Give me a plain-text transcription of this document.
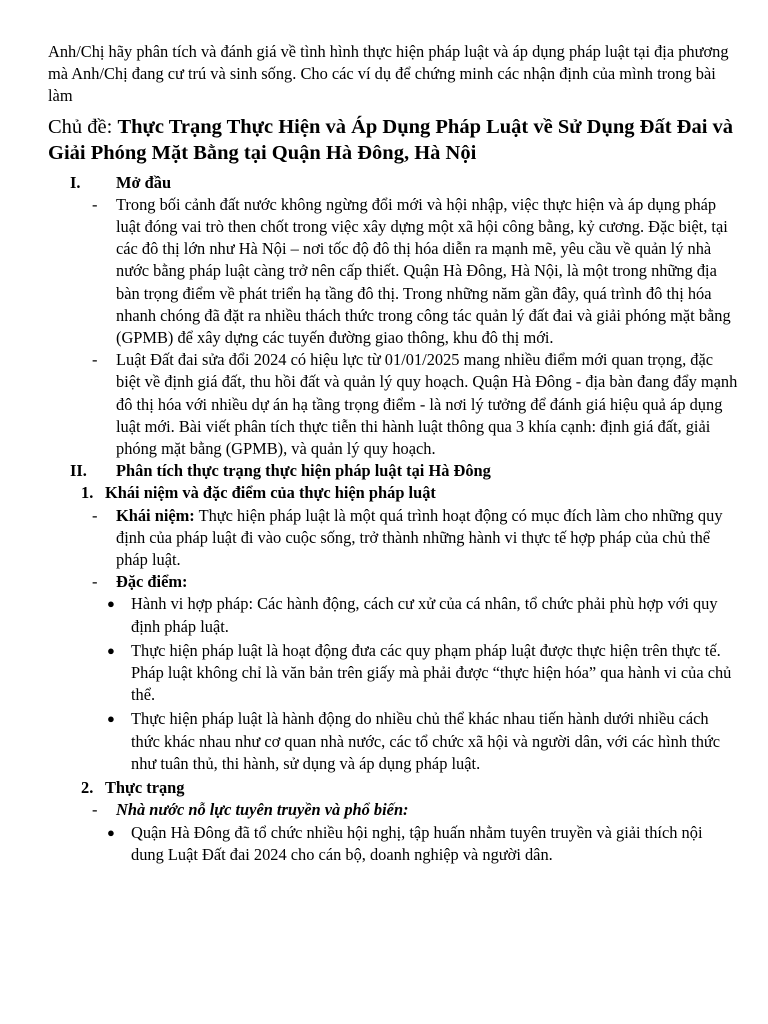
Anh/Chị hãy phân tích và đánh giá về tình hình thực hiện pháp luật và áp dụng pháp luật tại địa phương mà Anh/Chị đang cư trú và sinh sống. Cho các ví dụ để chứng minh các nhận định của mình trong bài làm

Chủ đề: Thực Trạng Thực Hiện và Áp Dụng Pháp Luật về Sử Dụng Đất Đai và Giải Phóng Mặt Bằng tại Quận Hà Đông, Hà Nội

I. Mở đầu

- Trong bối cảnh đất nước không ngừng đổi mới và hội nhập, việc thực hiện và áp dụng pháp luật đóng vai trò then chốt trong việc xây dựng một xã hội công bằng, kỷ cương. Đặc biệt, tại các đô thị lớn như Hà Nội – nơi tốc độ đô thị hóa diễn ra mạnh mẽ, yêu cầu về quản lý nhà nước bằng pháp luật càng trở nên cấp thiết. Quận Hà Đông, Hà Nội, là một trong những địa bàn trọng điểm về phát triển hạ tầng đô thị. Trong những năm gần đây, quá trình đô thị hóa nhanh chóng đã đặt ra nhiều thách thức trong công tác quản lý đất đai và giải phóng mặt bằng (GPMB) để xây dựng các tuyến đường giao thông, khu đô thị mới.

- Luật Đất đai sửa đổi 2024 có hiệu lực từ 01/01/2025 mang nhiều điểm mới quan trọng, đặc biệt về định giá đất, thu hồi đất và quản lý quy hoạch. Quận Hà Đông - địa bàn đang đẩy mạnh đô thị hóa với nhiều dự án hạ tầng trọng điểm - là nơi lý tưởng để đánh giá hiệu quả áp dụng luật mới. Bài viết phân tích thực tiễn thi hành luật thông qua 3 khía cạnh: định giá đất, giải phóng mặt bằng (GPMB), và quản lý quy hoạch.

II. Phân tích thực trạng thực hiện pháp luật tại Hà Đông

1. Khái niệm và đặc điểm của thực hiện pháp luật

- Khái niệm: Thực hiện pháp luật là một quá trình hoạt động có mục đích làm cho những quy định của pháp luật đi vào cuộc sống, trở thành những hành vi thực tế hợp pháp của chủ thể pháp luật.

- Đặc điểm:

● Hành vi hợp pháp: Các hành động, cách cư xử của cá nhân, tổ chức phải phù hợp với quy định pháp luật.

● Thực hiện pháp luật là hoạt động đưa các quy phạm pháp luật được thực hiện trên thực tế. Pháp luật không chỉ là văn bản trên giấy mà phải được “thực hiện hóa” qua hành vi của chủ thể.

● Thực hiện pháp luật là hành động do nhiều chủ thể khác nhau tiến hành dưới nhiều cách thức khác nhau như cơ quan nhà nước, các tổ chức xã hội và người dân, với các hình thức như tuân thủ, thi hành, sử dụng và áp dụng pháp luật.

2. Thực trạng

- Nhà nước nỗ lực tuyên truyền và phổ biến:

● Quận Hà Đông đã tổ chức nhiều hội nghị, tập huấn nhằm tuyên truyền và giải thích nội dung Luật Đất đai 2024 cho cán bộ, doanh nghiệp và người dân.
